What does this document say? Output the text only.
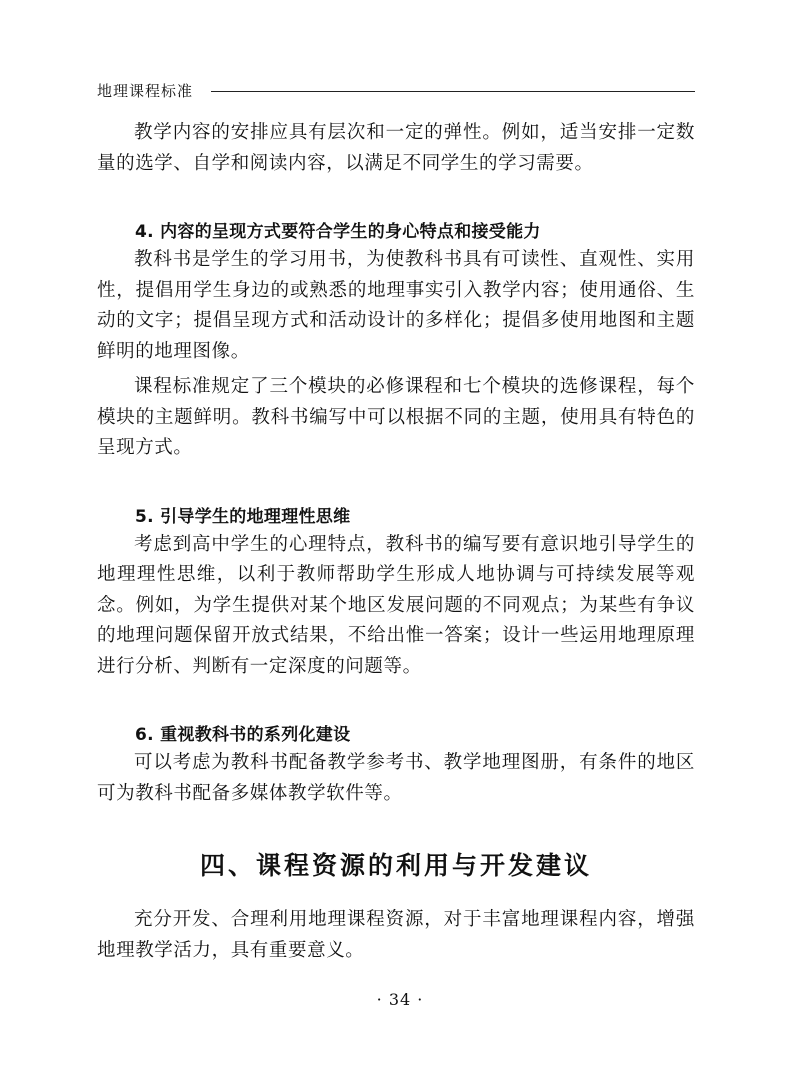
地理课程标准

教学内容的安排应具有层次和一定的弹性。例如，适当安排一定数量的选学、自学和阅读内容，以满足不同学生的学习需要。

4. 内容的呈现方式要符合学生的身心特点和接受能力

教科书是学生的学习用书，为使教科书具有可读性、直观性、实用性，提倡用学生身边的或熟悉的地理事实引入教学内容；使用通俗、生动的文字；提倡呈现方式和活动设计的多样化；提倡多使用地图和主题鲜明的地理图像。

课程标准规定了三个模块的必修课程和七个模块的选修课程，每个模块的主题鲜明。教科书编写中可以根据不同的主题，使用具有特色的呈现方式。

5. 引导学生的地理理性思维

考虑到高中学生的心理特点，教科书的编写要有意识地引导学生的地理理性思维，以利于教师帮助学生形成人地协调与可持续发展等观念。例如，为学生提供对某个地区发展问题的不同观点；为某些有争议的地理问题保留开放式结果，不给出惟一答案；设计一些运用地理原理进行分析、判断有一定深度的问题等。

6. 重视教科书的系列化建设

可以考虑为教科书配备教学参考书、教学地理图册，有条件的地区可为教科书配备多媒体教学软件等。

四、课程资源的利用与开发建议

充分开发、合理利用地理课程资源，对于丰富地理课程内容，增强地理教学活力，具有重要意义。

· 34 ·
